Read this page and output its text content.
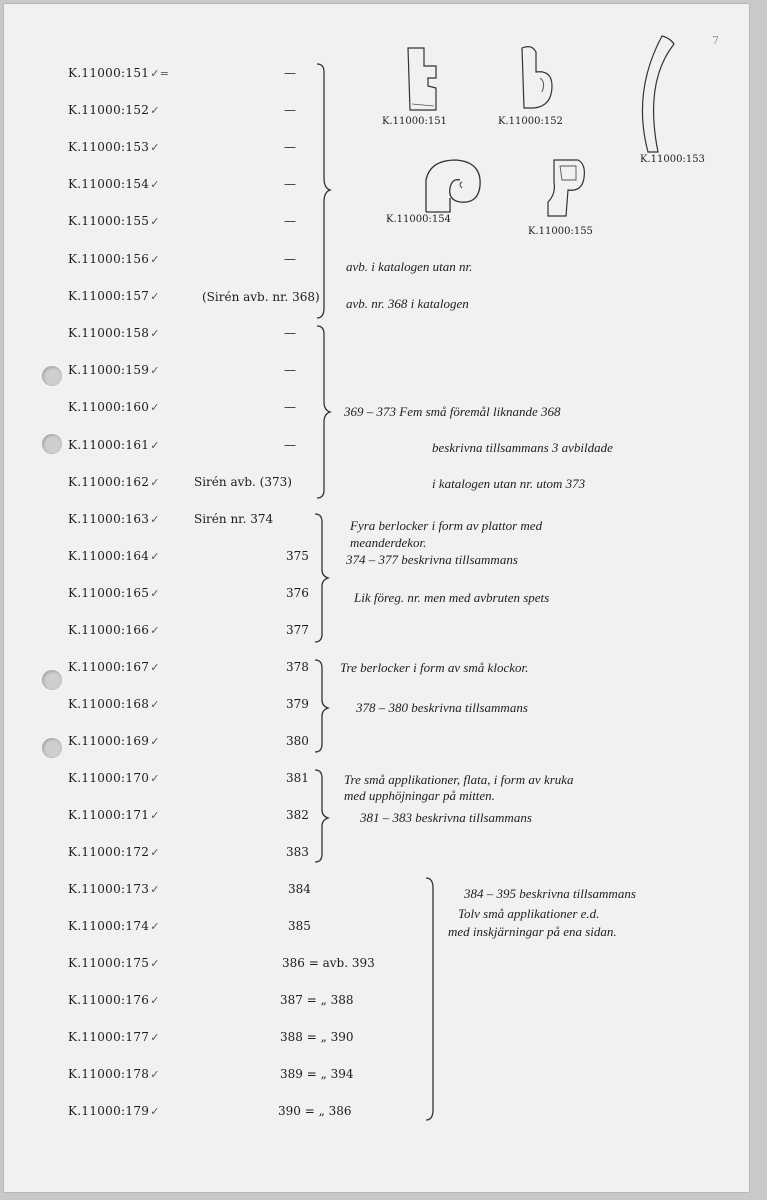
7
K.11000:151✓=
K.11000:152✓
K.11000:153✓
K.11000:154✓
K.11000:155✓
K.11000:156✓
K.11000:157✓
K.11000:158✓
K.11000:159✓
K.11000:160✓
K.11000:161✓
K.11000:162✓
K.11000:163✓
K.11000:164✓
K.11000:165✓
K.11000:166✓
K.11000:167✓
K.11000:168✓
K.11000:169✓
K.11000:170✓
K.11000:171✓
K.11000:172✓
K.11000:173✓
K.11000:174✓
K.11000:175✓
K.11000:176✓
K.11000:177✓
K.11000:178✓
K.11000:179✓
—
—
—
—
—
—
(Sirén avb. nr. 368)
—
—
—
—
Sirén avb. (373)
Sirén nr. 374
375
376
377
378
379
380
381
382
383
384
385
386 = avb. 393
387 = „ 388
388 = „ 390
389 = „ 394
390 = „ 386
K.11000:151	K.11000:152
K.11000:153
K.11000:154
K.11000:155
avb. i katalogen utan nr.
avb. nr. 368 i katalogen
369 – 373 Fem små föremål liknande 368
beskrivna tillsammans 3 avbildade
i katalogen utan nr. utom 373
Fyra berlocker i form av plattor med
meanderdekor.
374 – 377 beskrivna tillsammans
Lik föreg. nr. men med avbruten spets
Tre berlocker i form av små klockor.
378 – 380 beskrivna tillsammans
Tre små applikationer, flata, i form av kruka
med upphöjningar på mitten.
381 – 383 beskrivna tillsammans
384 – 395 beskrivna tillsammans
Tolv små applikationer e.d.
med inskjärningar på ena sidan.
